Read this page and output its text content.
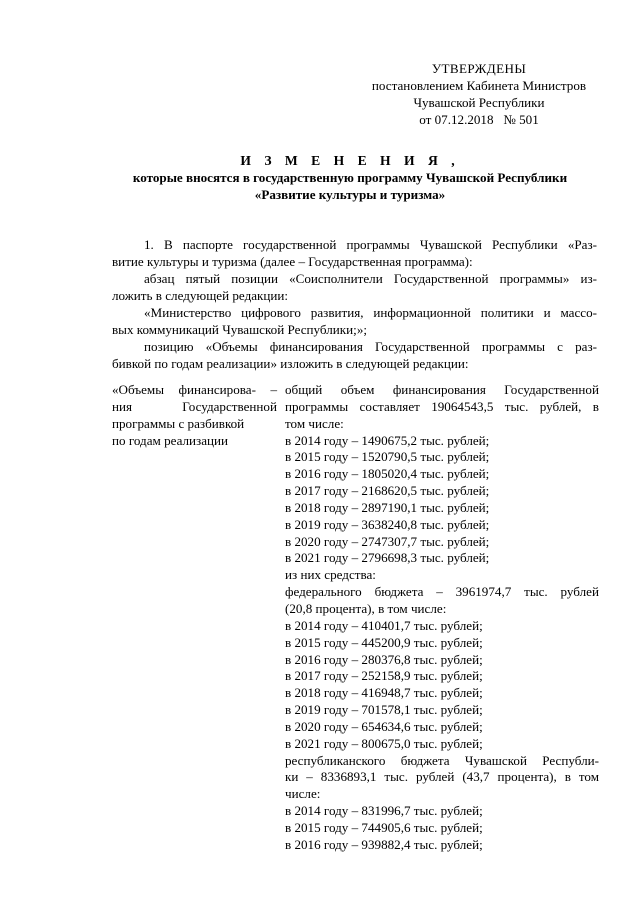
УТВЕРЖДЕНЫ
постановлением Кабинета Министров
Чувашской Республики
от 07.12.2018   № 501
И З М Е Н Е Н И Я ,
которые вносятся в государственную программу Чувашской Республики
«Развитие культуры и туризма»
1. В паспорте государственной программы Чувашской Республики «Раз-
витие культуры и туризма (далее – Государственная программа):
абзац пятый позиции «Соисполнители Государственной программы» из-
ложить в следующей редакции:
«Министерство цифрового развития, информационной политики и массо-
вых коммуникаций Чувашской Республики;»;
позицию «Объемы финансирования Государственной программы с раз-
бивкой по годам реализации» изложить в следующей редакции:
«Объемы финансирова- –
ния Государственной
программы с разбивкой
по годам реализации
общий объем финансирования Государственной
программы составляет 19064543,5 тыс. рублей, в
том числе:
в 2014 году – 1490675,2 тыс. рублей;
в 2015 году – 1520790,5 тыс. рублей;
в 2016 году – 1805020,4 тыс. рублей;
в 2017 году – 2168620,5 тыс. рублей;
в 2018 году – 2897190,1 тыс. рублей;
в 2019 году – 3638240,8 тыс. рублей;
в 2020 году – 2747307,7 тыс. рублей;
в 2021 году – 2796698,3 тыс. рублей;
из них средства:
федерального бюджета – 3961974,7 тыс. рублей
(20,8 процента), в том числе:
в 2014 году – 410401,7 тыс. рублей;
в 2015 году – 445200,9 тыс. рублей;
в 2016 году – 280376,8 тыс. рублей;
в 2017 году – 252158,9 тыс. рублей;
в 2018 году – 416948,7 тыс. рублей;
в 2019 году – 701578,1 тыс. рублей;
в 2020 году – 654634,6 тыс. рублей;
в 2021 году – 800675,0 тыс. рублей;
республиканского бюджета Чувашской Республи-
ки – 8336893,1 тыс. рублей (43,7 процента), в том
числе:
в 2014 году – 831996,7 тыс. рублей;
в 2015 году – 744905,6 тыс. рублей;
в 2016 году – 939882,4 тыс. рублей;
